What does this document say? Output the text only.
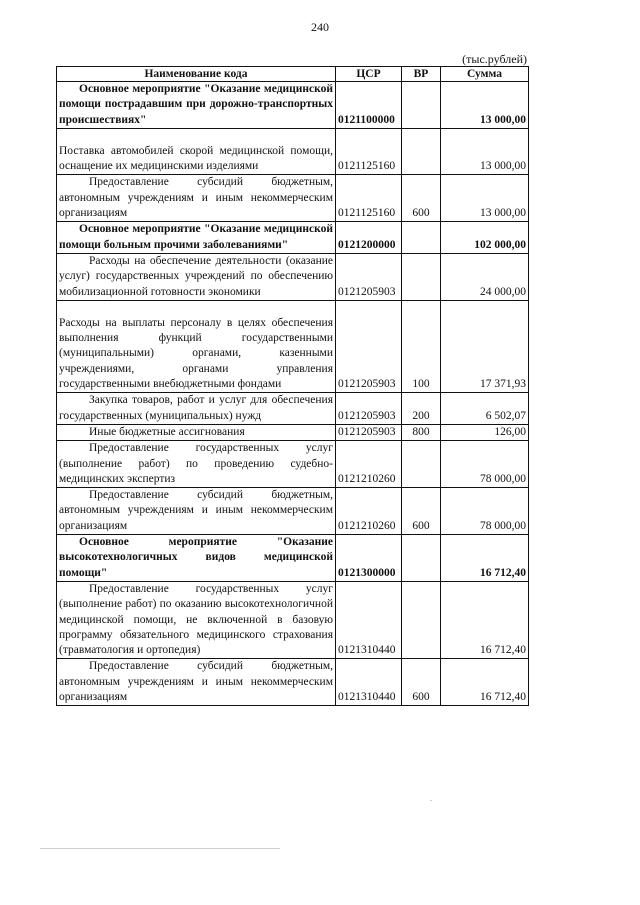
240
(тыс.рублей)
Наименование кода	ЦСР	ВР	Сумма
Основное мероприятие "Оказание медицинской помощи пострадавшим при дорожно-транспортных происшествиях"	0121100000		13 000,00

Поставка автомобилей скорой медицинской помощи, оснащение их медицинскими изделиями	0121125160		13 000,00
Предоставление субсидий бюджетным, автономным учреждениям и иным некоммерческим организациям	0121125160	600	13 000,00
Основное мероприятие "Оказание медицинской помощи больным прочими заболеваниями"	0121200000		102 000,00
Расходы на обеспечение деятельности (оказание услуг) государственных учреждений по обеспечению мобилизационной готовности экономики	0121205903		24 000,00

Расходы на выплаты персоналу в целях обеспечения выполнения функций государственными (муниципальными) органами, казенными учреждениями, органами управления государственными внебюджетными фондами	0121205903	100	17 371,93
Закупка товаров, работ и услуг для обеспечения государственных (муниципальных) нужд	0121205903	200	6 502,07
Иные бюджетные ассигнования	0121205903	800	126,00
Предоставление государственных услуг (выполнение работ) по проведению судебно-медицинских экспертиз	0121210260		78 000,00
Предоставление субсидий бюджетным, автономным учреждениям и иным некоммерческим организациям	0121210260	600	78 000,00
Основное мероприятие "Оказание высокотехнологичных видов медицинской помощи"	0121300000		16 712,40
Предоставление государственных услуг (выполнение работ) по оказанию высокотехнологичной медицинской помощи, не включенной в базовую программу обязательного медицинского страхования (травматология и ортопедия)	0121310440		16 712,40
Предоставление субсидий бюджетным, автономным учреждениям и иным некоммерческим организациям	0121310440	600	16 712,40
